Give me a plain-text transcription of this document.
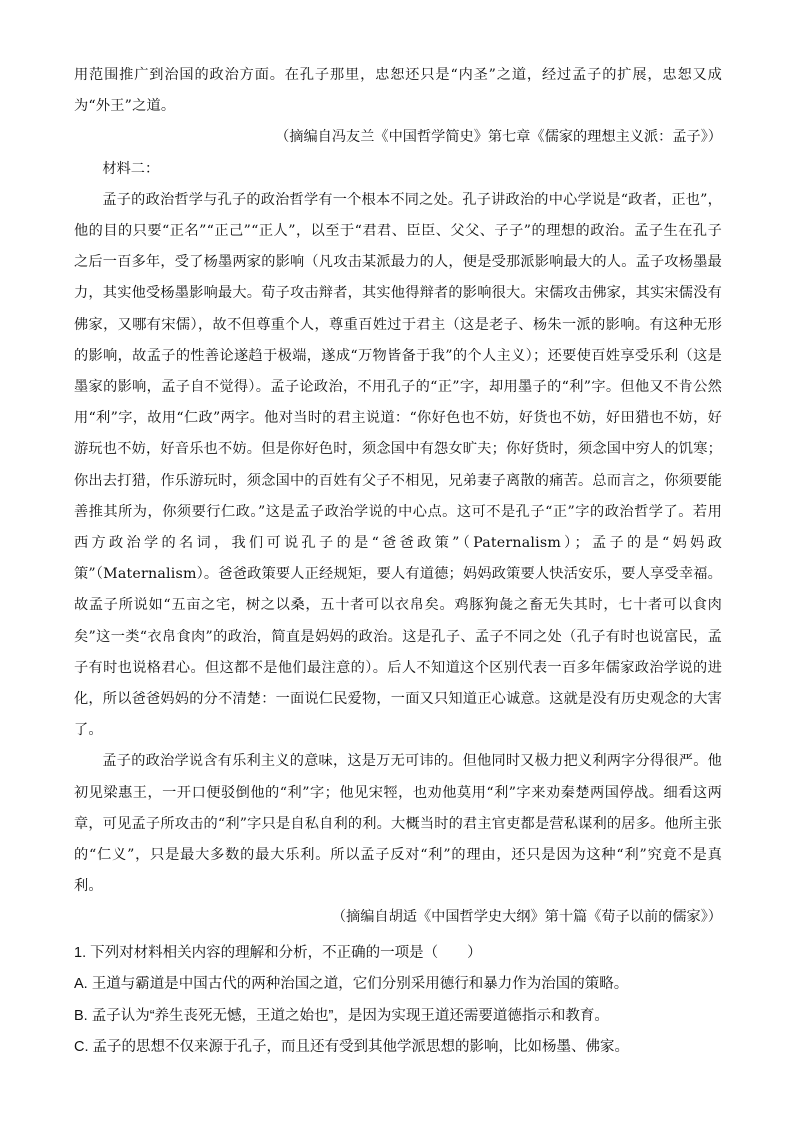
用范围推广到治国的政治方面。在孔子那里，忠恕还只是“内圣”之道，经过孟子的扩展，忠恕又成为“外王”之道。

（摘编自冯友兰《中国哲学简史》第七章《儒家的理想主义派：孟子》）

材料二：

孟子的政治哲学与孔子的政治哲学有一个根本不同之处。孔子讲政治的中心学说是“政者，正也”，他的目的只要“正名”“正己”“正人”，以至于“君君、臣臣、父父、子子”的理想的政治。孟子生在孔子之后一百多年，受了杨墨两家的影响（凡攻击某派最力的人，便是受那派影响最大的人。孟子攻杨墨最力，其实他受杨墨影响最大。荀子攻击辩者，其实他得辩者的影响很大。宋儒攻击佛家，其实宋儒没有佛家，又哪有宋儒），故不但尊重个人，尊重百姓过于君主（这是老子、杨朱一派的影响。有这种无形的影响，故孟子的性善论遂趋于极端，遂成“万物皆备于我”的个人主义）；还要使百姓享受乐利（这是墨家的影响，孟子自不觉得）。孟子论政治，不用孔子的“正”字，却用墨子的“利”字。但他又不肯公然用“利”字，故用“仁政”两字。他对当时的君主说道：“你好色也不妨，好货也不妨，好田猎也不妨，好游玩也不妨，好音乐也不妨。但是你好色时，须念国中有怨女旷夫；你好货时，须念国中穷人的饥寒；你出去打猎，作乐游玩时，须念国中的百姓有父子不相见，兄弟妻子离散的痛苦。总而言之，你须要能善推其所为，你须要行仁政。”这是孟子政治学说的中心点。这可不是孔子“正”字的政治哲学了。若用西方政治学的名词，我们可说孔子的是“爸爸政策”（Paternalism）；孟子的是“妈妈政策”（Maternalism）。爸爸政策要人正经规矩，要人有道德；妈妈政策要人快活安乐，要人享受幸福。故孟子所说如“五亩之宅，树之以桑，五十者可以衣帛矣。鸡豚狗彘之畜无失其时，七十者可以食肉矣”这一类“衣帛食肉”的政治，简直是妈妈的政治。这是孔子、孟子不同之处（孔子有时也说富民，孟子有时也说格君心。但这都不是他们最注意的）。后人不知道这个区别代表一百多年儒家政治学说的进化，所以爸爸妈妈的分不清楚：一面说仁民爱物，一面又只知道正心诚意。这就是没有历史观念的大害了。

孟子的政治学说含有乐利主义的意味，这是万无可讳的。但他同时又极力把义利两字分得很严。他初见梁惠王，一开口便驳倒他的“利”字；他见宋牼，也劝他莫用“利”字来劝秦楚两国停战。细看这两章，可见孟子所攻击的“利”字只是自私自利的利。大概当时的君主官吏都是营私谋利的居多。他所主张的“仁义”，只是最大多数的最大乐利。所以孟子反对“利”的理由，还只是因为这种“利”究竟不是真利。

（摘编自胡适《中国哲学史大纲》第十篇《荀子以前的儒家》）

1. 下列对材料相关内容的理解和分析，不正确的一项是（　　）

A. 王道与霸道是中国古代的两种治国之道，它们分别采用德行和暴力作为治国的策略。

B. 孟子认为“养生丧死无憾，王道之始也”，是因为实现王道还需要道德指示和教育。

C. 孟子的思想不仅来源于孔子，而且还有受到其他学派思想的影响，比如杨墨、佛家。
